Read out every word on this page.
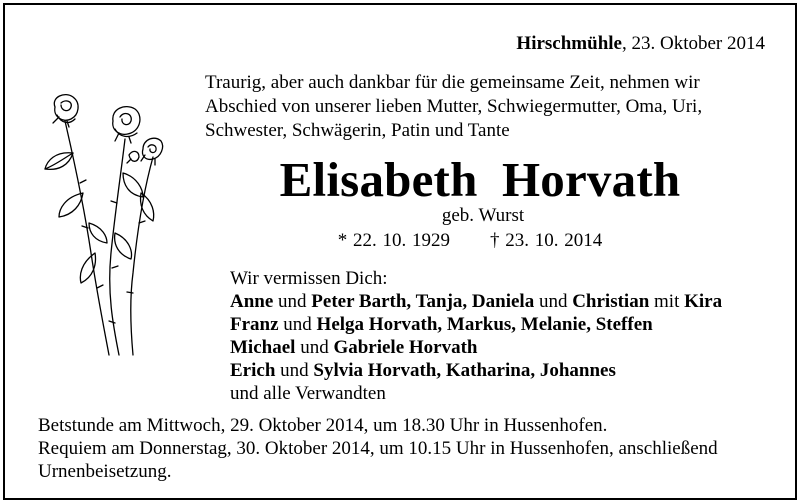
Hirschmühle, 23. Oktober 2014
Traurig, aber auch dankbar für die gemeinsame Zeit, nehmen wir
Abschied von unserer lieben Mutter, Schwiegermutter, Oma, Uri,
Schwester, Schwägerin, Patin und Tante
Elisabeth Horvath
geb. Wurst
* 22. 10. 1929 † 23. 10. 2014
Wir vermissen Dich:
Anne und Peter Barth, Tanja, Daniela und Christian mit Kira
Franz und Helga Horvath, Markus, Melanie, Steffen
Michael und Gabriele Horvath
Erich und Sylvia Horvath, Katharina, Johannes
und alle Verwandten
Betstunde am Mittwoch, 29. Oktober 2014, um 18.30 Uhr in Hussenhofen.
Requiem am Donnerstag, 30. Oktober 2014, um 10.15 Uhr in Hussenhofen, anschließend
Urnenbeisetzung.
